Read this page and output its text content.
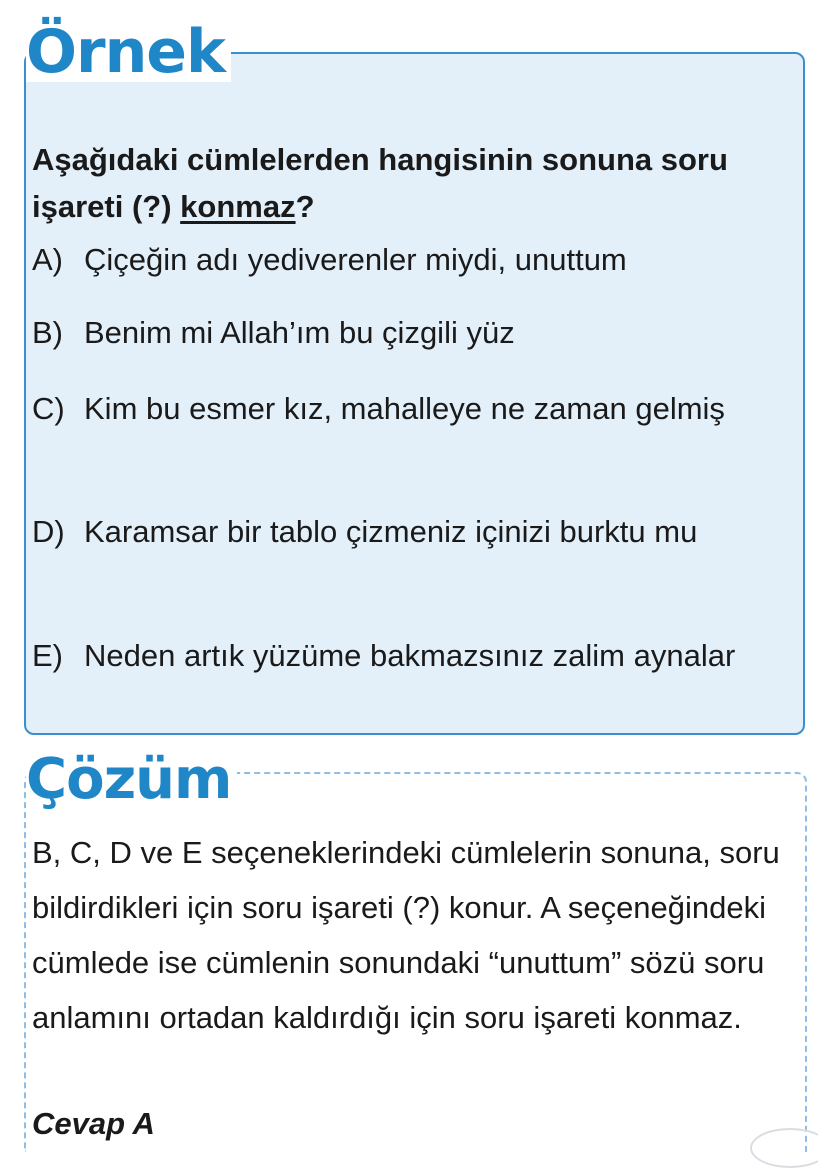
Örnek

Aşağıdaki cümlelerden hangisinin sonuna soru işareti (?) konmaz?

A) Çiçeğin adı yediverenler miydi, unuttum
B) Benim mi Allah’ım bu çizgili yüz
C) Kim bu esmer kız, mahalleye ne zaman gelmiş
D) Karamsar bir tablo çizmeniz içinizi burktu mu
E) Neden artık yüzüme bakmazsınız zalim aynalar
Çözüm

B, C, D ve E seçeneklerindeki cümlelerin sonuna, soru bildirdikleri için soru işareti (?) konur. A seçeneğindeki cümlede ise cümlenin sonundaki “unuttum” sözü soru anlamını ortadan kaldırdığı için soru işareti konmaz.

Cevap A
